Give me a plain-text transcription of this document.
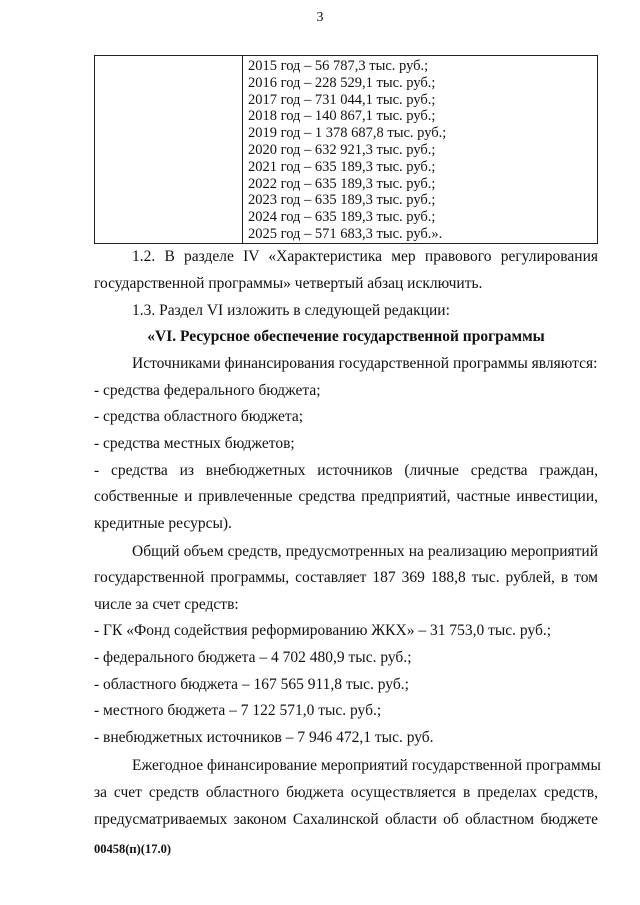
3
2015 год – 56 787,3 тыс. руб.;
2016 год – 228 529,1 тыс. руб.;
2017 год – 731 044,1 тыс. руб.;
2018 год – 140 867,1 тыс. руб.;
2019 год – 1 378 687,8 тыс. руб.;
2020 год – 632 921,3 тыс. руб.;
2021 год – 635 189,3 тыс. руб.;
2022 год – 635 189,3 тыс. руб.;
2023 год – 635 189,3 тыс. руб.;
2024 год – 635 189,3 тыс. руб.;
2025 год – 571 683,3 тыс. руб.».
1.2. В разделе IV «Характеристика мер правового регулирования
государственной программы» четвертый абзац исключить.
1.3. Раздел VI изложить в следующей редакции:
«VI. Ресурсное обеспечение государственной программы
Источниками финансирования государственной программы являются:
- средства федерального бюджета;
- средства областного бюджета;
- средства местных бюджетов;
- средства из внебюджетных источников (личные средства граждан,
собственные и привлеченные средства предприятий, частные инвестиции,
кредитные ресурсы).
Общий объем средств, предусмотренных на реализацию мероприятий
государственной программы, составляет 187 369 188,8 тыс. рублей, в том
числе за счет средств:
- ГК «Фонд содействия реформированию ЖКХ» – 31 753,0 тыс. руб.;
- федерального бюджета – 4 702 480,9 тыс. руб.;
- областного бюджета – 167 565 911,8 тыс. руб.;
- местного бюджета – 7 122 571,0 тыс. руб.;
- внебюджетных источников – 7 946 472,1 тыс. руб.
Ежегодное финансирование мероприятий государственной программы
за счет средств областного бюджета осуществляется в пределах средств,
предусматриваемых законом Сахалинской области об областном бюджете
00458(п)(17.0)
